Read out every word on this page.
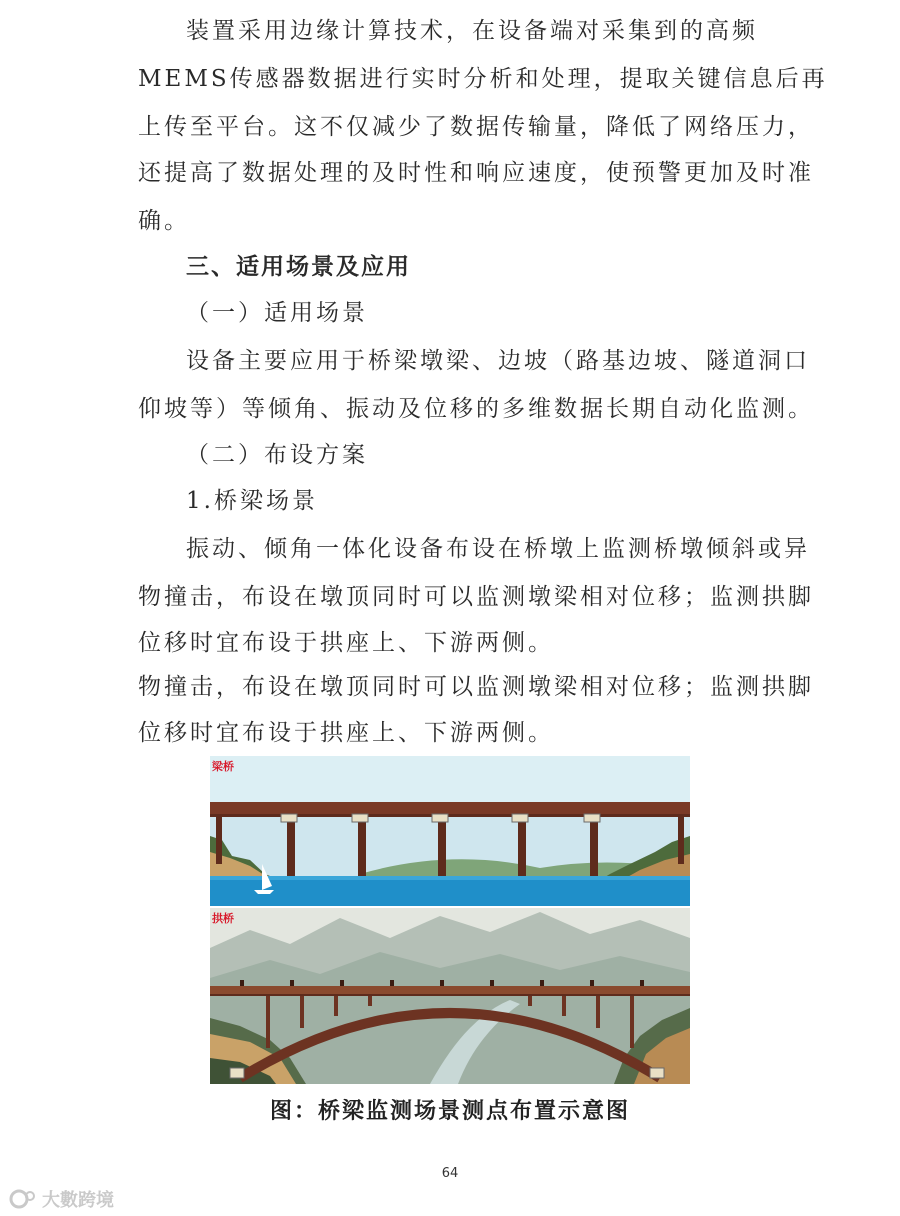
装置采用边缘计算技术，在设备端对采集到的高频
MEMS传感器数据进行实时分析和处理，提取关键信息后再
上传至平台。这不仅减少了数据传输量，降低了网络压力，
还提高了数据处理的及时性和响应速度，使预警更加及时准
确。
三、适用场景及应用
（一）适用场景
设备主要应用于桥梁墩梁、边坡（路基边坡、隧道洞口
仰坡等）等倾角、振动及位移的多维数据长期自动化监测。
（二）布设方案
1.桥梁场景
振动、倾角一体化设备布设在桥墩上监测桥墩倾斜或异
物撞击，布设在墩顶同时可以监测墩梁相对位移；监测拱脚
位移时宜布设于拱座上、下游两侧。
物撞击，布设在墩顶同时可以监测墩梁相对位移；监测拱脚
位移时宜布设于拱座上、下游两侧。
梁桥
拱桥
图：桥梁监测场景测点布置示意图
64
大數跨境
